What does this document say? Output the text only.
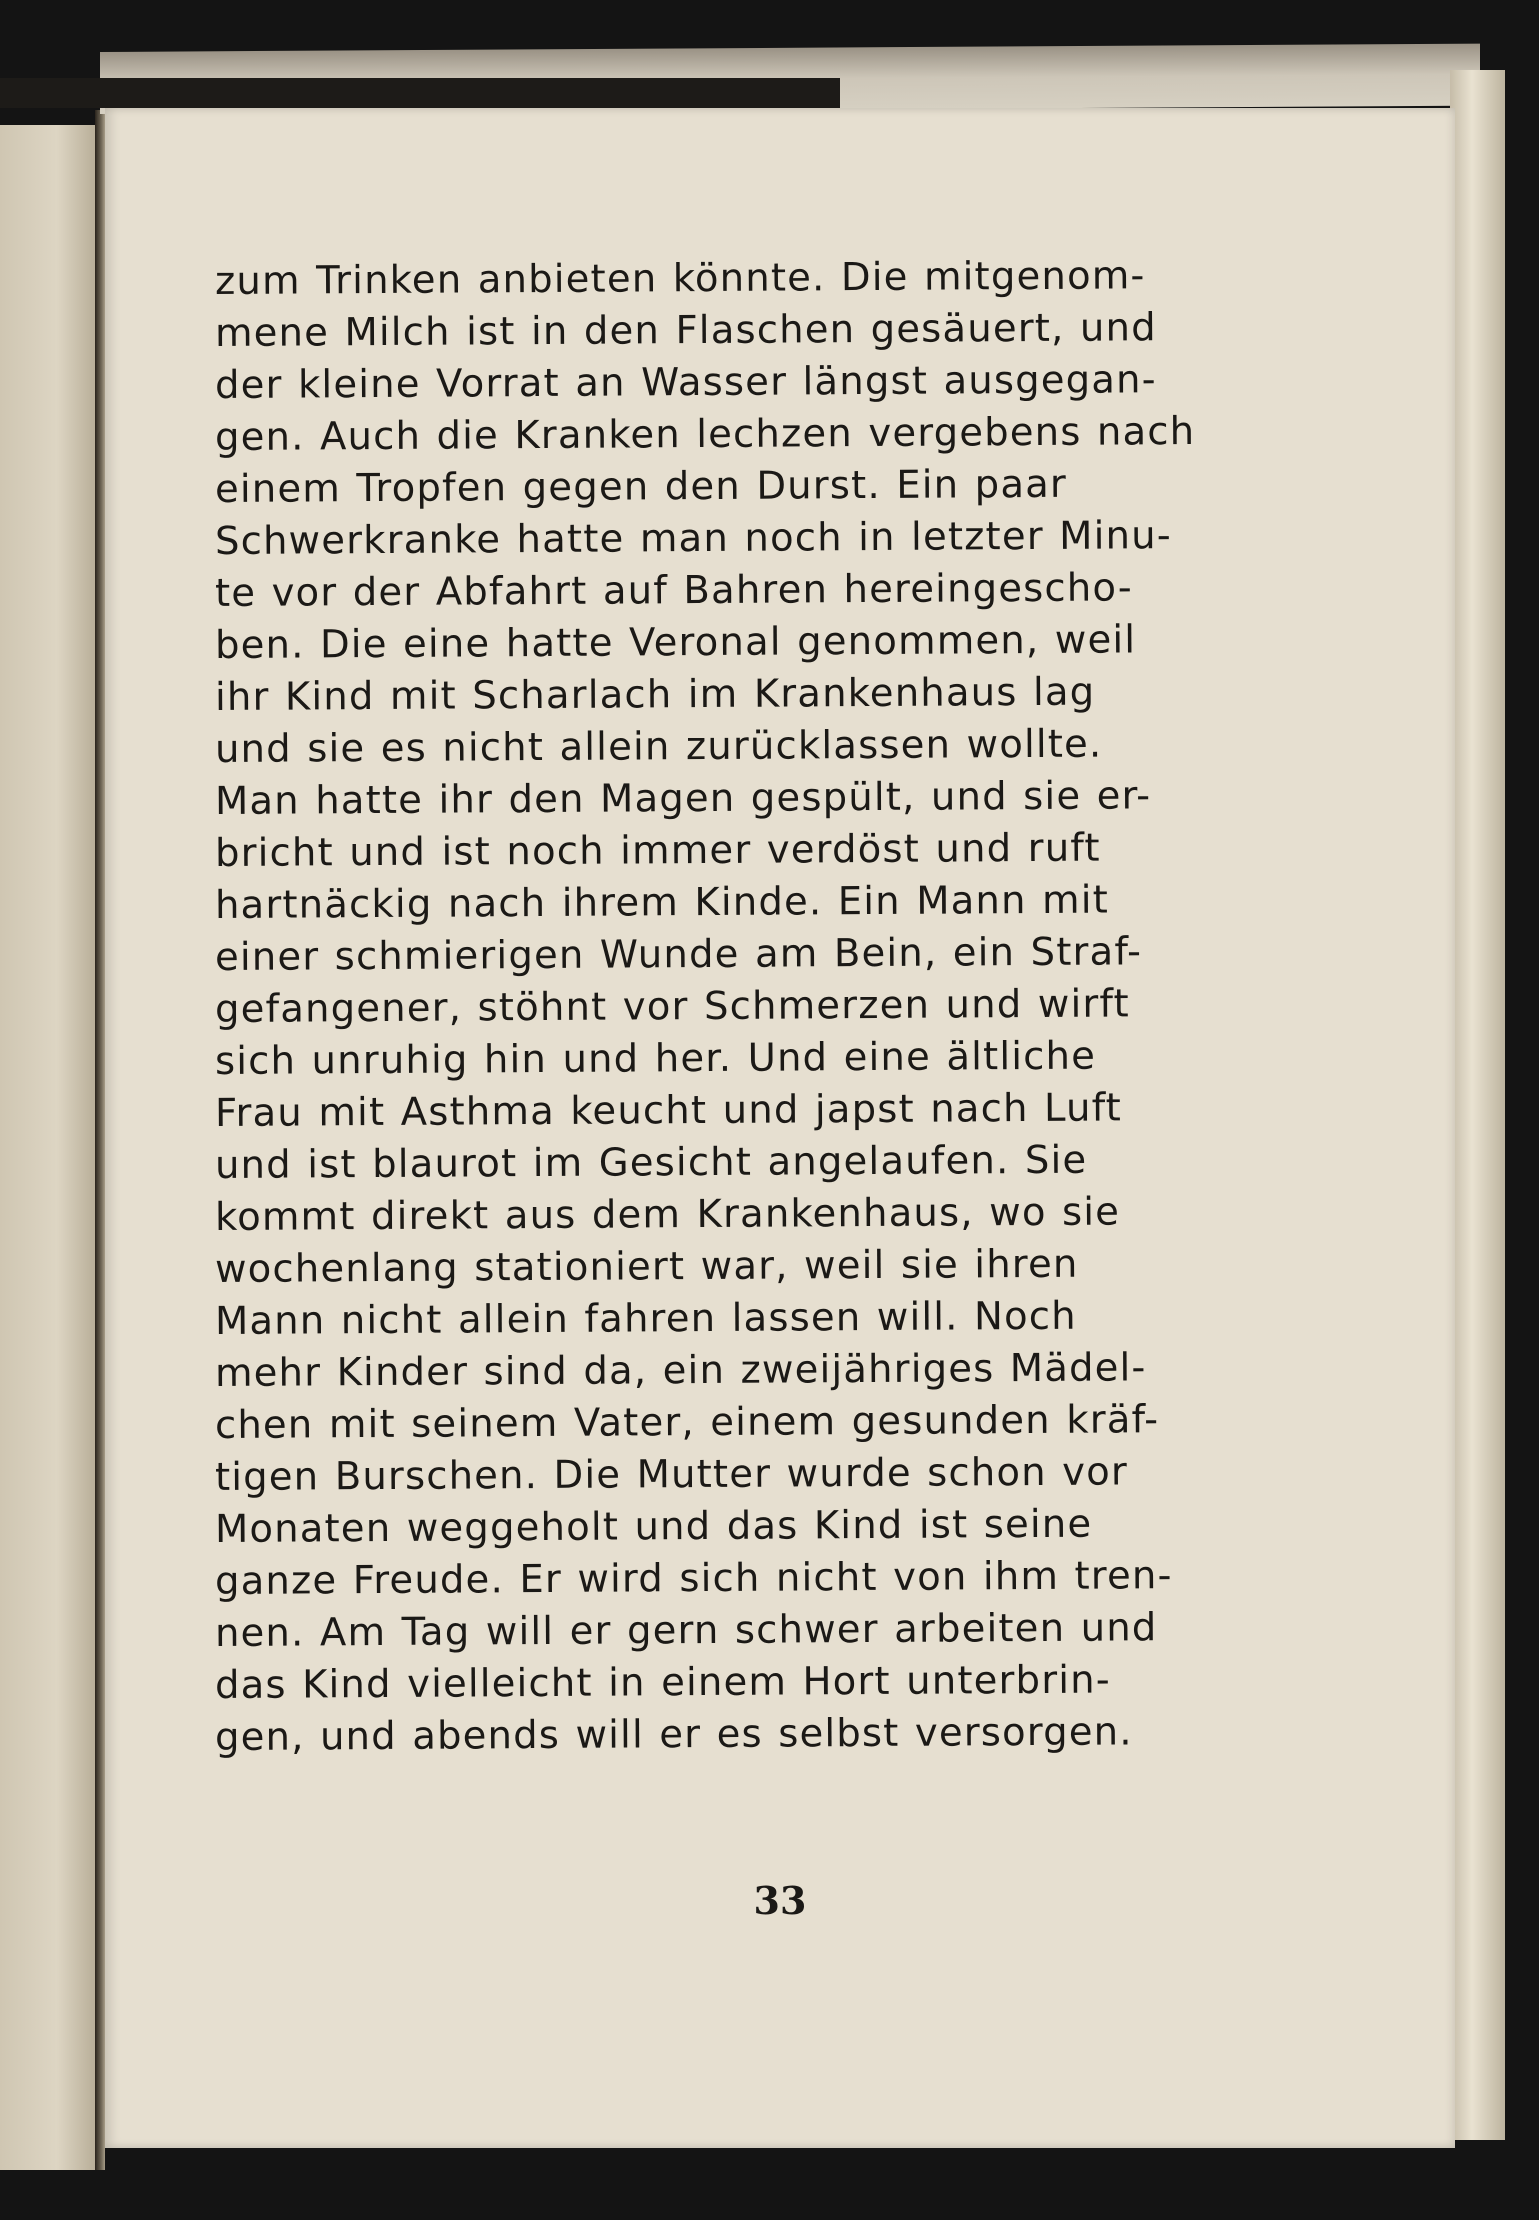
zum Trinken anbieten könnte. Die mitgenom-
mene Milch ist in den Flaschen gesäuert, und
der kleine Vorrat an Wasser längst ausgegan-
gen. Auch die Kranken lechzen vergebens nach
einem Tropfen gegen den Durst. Ein paar
Schwerkranke hatte man noch in letzter Minu-
te vor der Abfahrt auf Bahren hereingescho-
ben. Die eine hatte Veronal genommen, weil
ihr Kind mit Scharlach im Krankenhaus lag
und sie es nicht allein zurücklassen wollte.
Man hatte ihr den Magen gespült, und sie er-
bricht und ist noch immer verdöst und ruft
hartnäckig nach ihrem Kinde. Ein Mann mit
einer schmierigen Wunde am Bein, ein Straf-
gefangener, stöhnt vor Schmerzen und wirft
sich unruhig hin und her. Und eine ältliche
Frau mit Asthma keucht und japst nach Luft
und ist blaurot im Gesicht angelaufen. Sie
kommt direkt aus dem Krankenhaus, wo sie
wochenlang stationiert war, weil sie ihren
Mann nicht allein fahren lassen will. Noch
mehr Kinder sind da, ein zweijähriges Mädel-
chen mit seinem Vater, einem gesunden kräf-
tigen Burschen. Die Mutter wurde schon vor
Monaten weggeholt und das Kind ist seine
ganze Freude. Er wird sich nicht von ihm tren-
nen. Am Tag will er gern schwer arbeiten und
das Kind vielleicht in einem Hort unterbrin-
gen, und abends will er es selbst versorgen.
33
